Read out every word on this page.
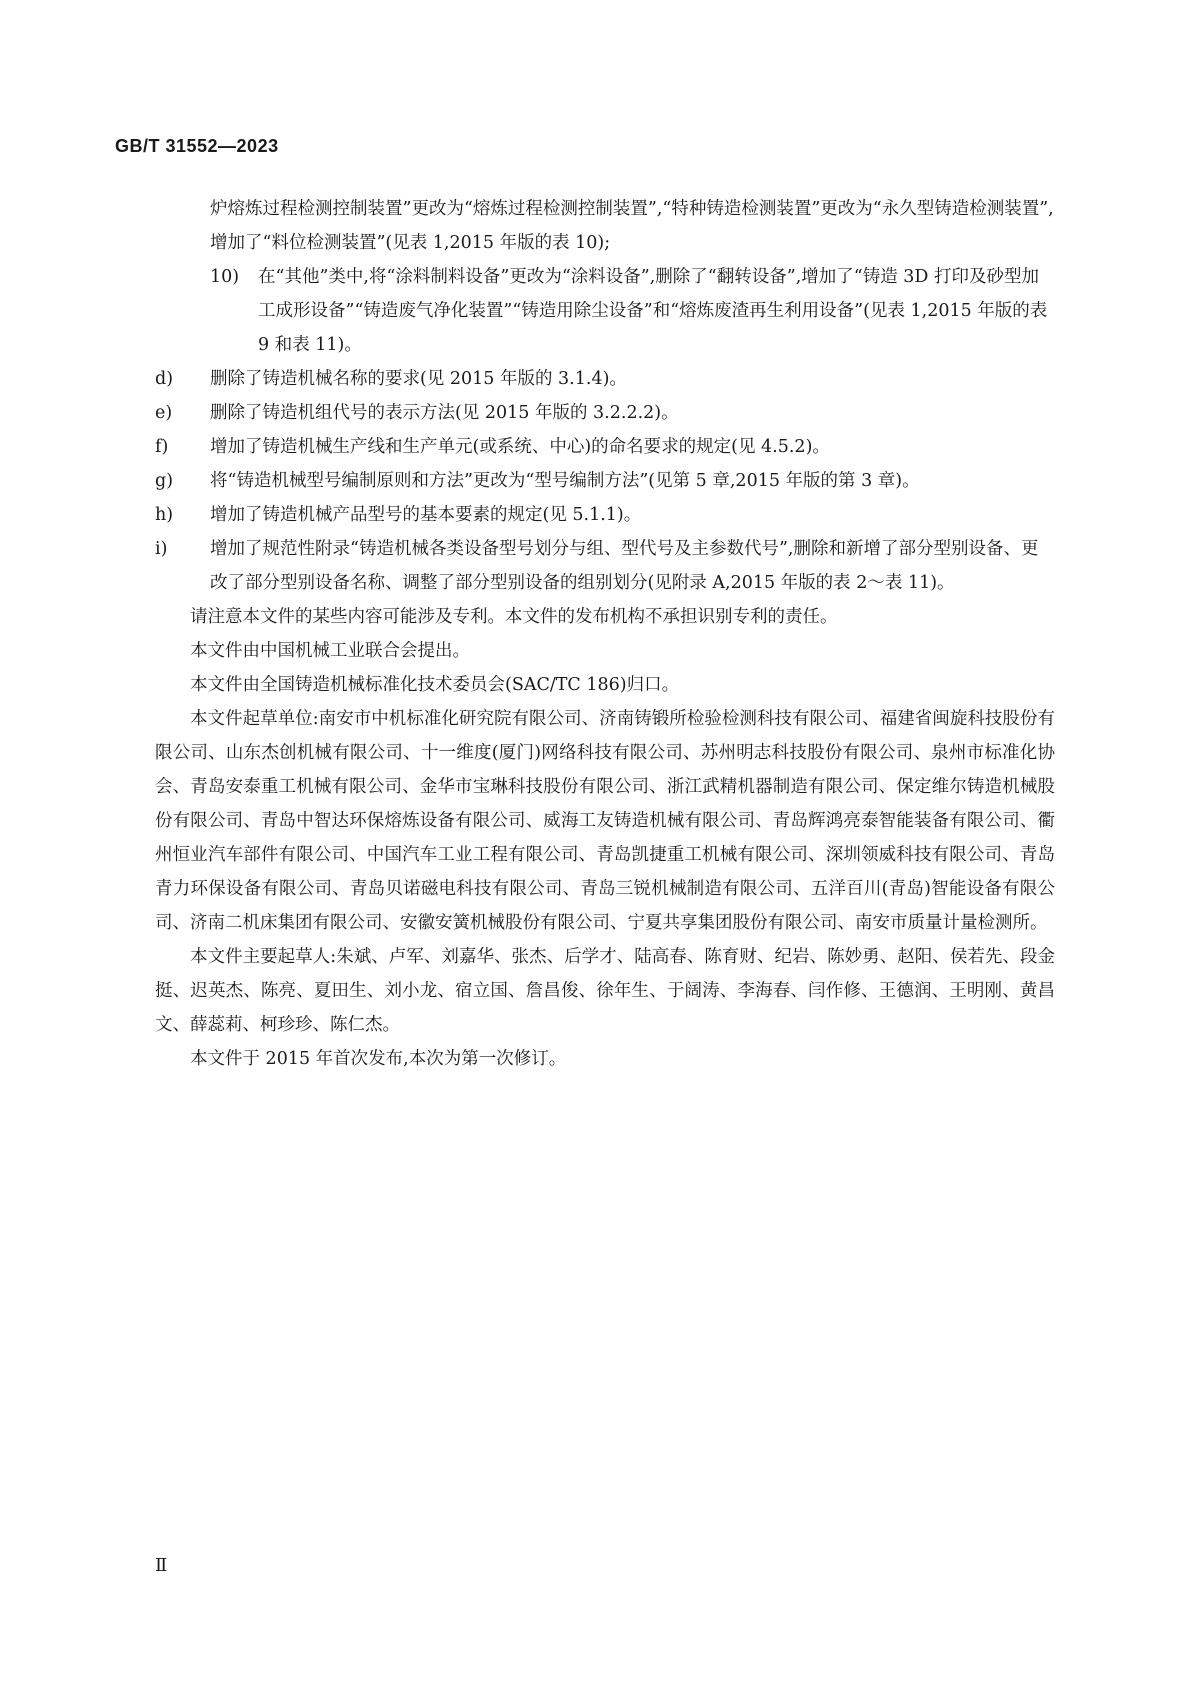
GB/T 31552—2023
炉熔炼过程检测控制装置”更改为“熔炼过程检测控制装置”,“特种铸造检测装置”更改为“永久型铸造检测装置”,增加了“料位检测装置”(见表 1,2015 年版的表 10);
10)	在“其他”类中,将“涂料制料设备”更改为“涂料设备”,删除了“翻转设备”,增加了“铸造 3D 打印及砂型加工成形设备”“铸造废气净化装置”“铸造用除尘设备”和“熔炼废渣再生利用设备”(见表 1,2015 年版的表 9 和表 11)。
d) 删除了铸造机械名称的要求(见 2015 年版的 3.1.4)。
e) 删除了铸造机组代号的表示方法(见 2015 年版的 3.2.2.2)。
f) 增加了铸造机械生产线和生产单元(或系统、中心)的命名要求的规定(见 4.5.2)。
g) 将“铸造机械型号编制原则和方法”更改为“型号编制方法”(见第 5 章,2015 年版的第 3 章)。
h) 增加了铸造机械产品型号的基本要素的规定(见 5.1.1)。
i) 增加了规范性附录“铸造机械各类设备型号划分与组、型代号及主参数代号”,删除和新增了部分型别设备、更改了部分型别设备名称、调整了部分型别设备的组别划分(见附录 A,2015 年版的表 2～表 11)。
请注意本文件的某些内容可能涉及专利。本文件的发布机构不承担识别专利的责任。
本文件由中国机械工业联合会提出。
本文件由全国铸造机械标准化技术委员会(SAC/TC 186)归口。
本文件起草单位:南安市中机标准化研究院有限公司、济南铸锻所检验检测科技有限公司、福建省闽旋科技股份有限公司、山东杰创机械有限公司、十一维度(厦门)网络科技有限公司、苏州明志科技股份有限公司、泉州市标准化协会、青岛安泰重工机械有限公司、金华市宝琳科技股份有限公司、浙江武精机器制造有限公司、保定维尔铸造机械股份有限公司、青岛中智达环保熔炼设备有限公司、威海工友铸造机械有限公司、青岛辉鸿亮泰智能装备有限公司、衢州恒业汽车部件有限公司、中国汽车工业工程有限公司、青岛凯捷重工机械有限公司、深圳领威科技有限公司、青岛青力环保设备有限公司、青岛贝诺磁电科技有限公司、青岛三锐机械制造有限公司、五洋百川(青岛)智能设备有限公司、济南二机床集团有限公司、安徽安簧机械股份有限公司、宁夏共享集团股份有限公司、南安市质量计量检测所。
本文件主要起草人:朱斌、卢军、刘嘉华、张杰、后学才、陆高春、陈育财、纪岩、陈妙勇、赵阳、侯若先、段金挺、迟英杰、陈亮、夏田生、刘小龙、宿立国、詹昌俊、徐年生、于阔涛、李海春、闫作修、王德润、王明刚、黄昌文、薛蕊莉、柯珍珍、陈仁杰。
本文件于 2015 年首次发布,本次为第一次修订。
Ⅱ
